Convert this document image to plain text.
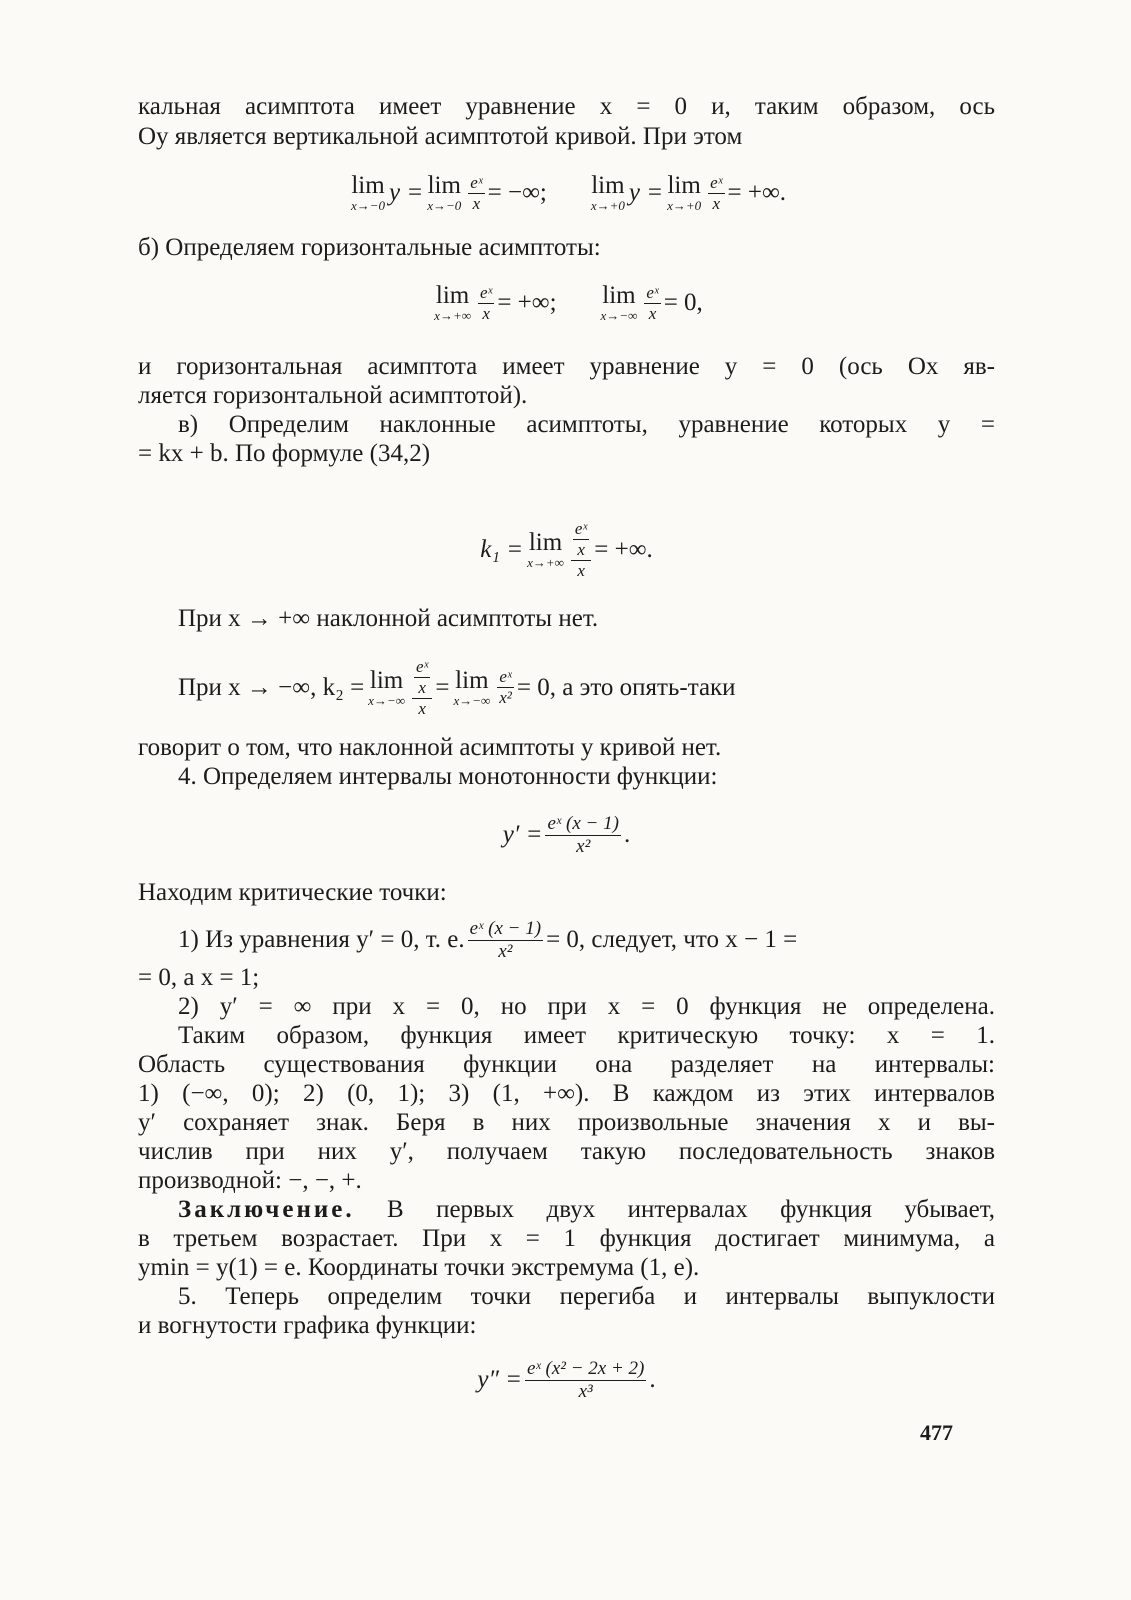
кальная асимптота имеет уравнение x = 0 и, таким образом, ось
Oy является вертикальной асимптотой кривой. При этом
lim
x→−0 y = lim
$x\to-0 \frac{\text{eˣ}}{x}$ = −∞; lim
x→+0 y = lim
$x\to+0 \frac{\text{eˣ}}{x}$ = +∞.
б) Определяем горизонтальные асимптоты:
lim
$x\to+\infty \frac{\text{eˣ}}{x}$ = +∞; lim
$x\to-\infty \frac{\text{eˣ}}{x} = 0$,
и горизонтальная асимптота имеет уравнение y = 0 (ось Ox яв-
ляется горизонтальной асимптотой).
в) Определим наклонные асимптоты, уравнение которых y =
= kx + b. По формуле (34,2)
k₁ = lim
$x\to+\infty \frac{\frac{\text{eˣ}}{x}}{x}$ = +∞.
При x → +∞ наклонной асимптоты нет.
При x → −∞, k₂ = lim
$x\to-\infty \frac{\frac{\text{eˣ}}{x}}{x} = \lim$
$x\to-\infty \frac{\text{eˣ}}{\text{x²}} = 0$, а это опять-таки
говорит о том, что наклонной асимптоты у кривой нет.
4. Определяем интервалы монотонности функции:
$y' = \frac{\text{eˣ (x − 1)}}{\text{x²}}$ .
Находим критические точки:
1) Из уравнения y′ = 0, т. е. $\frac{\text{eˣ (x − 1)}}{\text{x²}} = 0$, следует, что x − 1 =
= 0, а x = 1;
2) y′ = ∞ при x = 0, но при x = 0 функция не определена.
Таким образом, функция имеет критическую точку: x = 1.
Область существования функции она разделяет на интервалы:
1) (−∞, 0); 2) (0, 1); 3) (1, +∞). В каждом из этих интервалов
y′ сохраняет знак. Беря в них произвольные значения x и вы-
числив при них y′, получаем такую последовательность знаков
производной: −, −, +.
Заключение. В первых двух интервалах функция убывает,
в третьем возрастает. При x = 1 функция достигает минимума, а
ymin = y(1) = e. Координаты точки экстремума (1, e).
5. Теперь определим точки перегиба и интервалы выпуклости
и вогнутости графика функции:
$y'' = \frac{\text{eˣ (x² − 2x + 2)}}{\text{x³}}$ .
477
